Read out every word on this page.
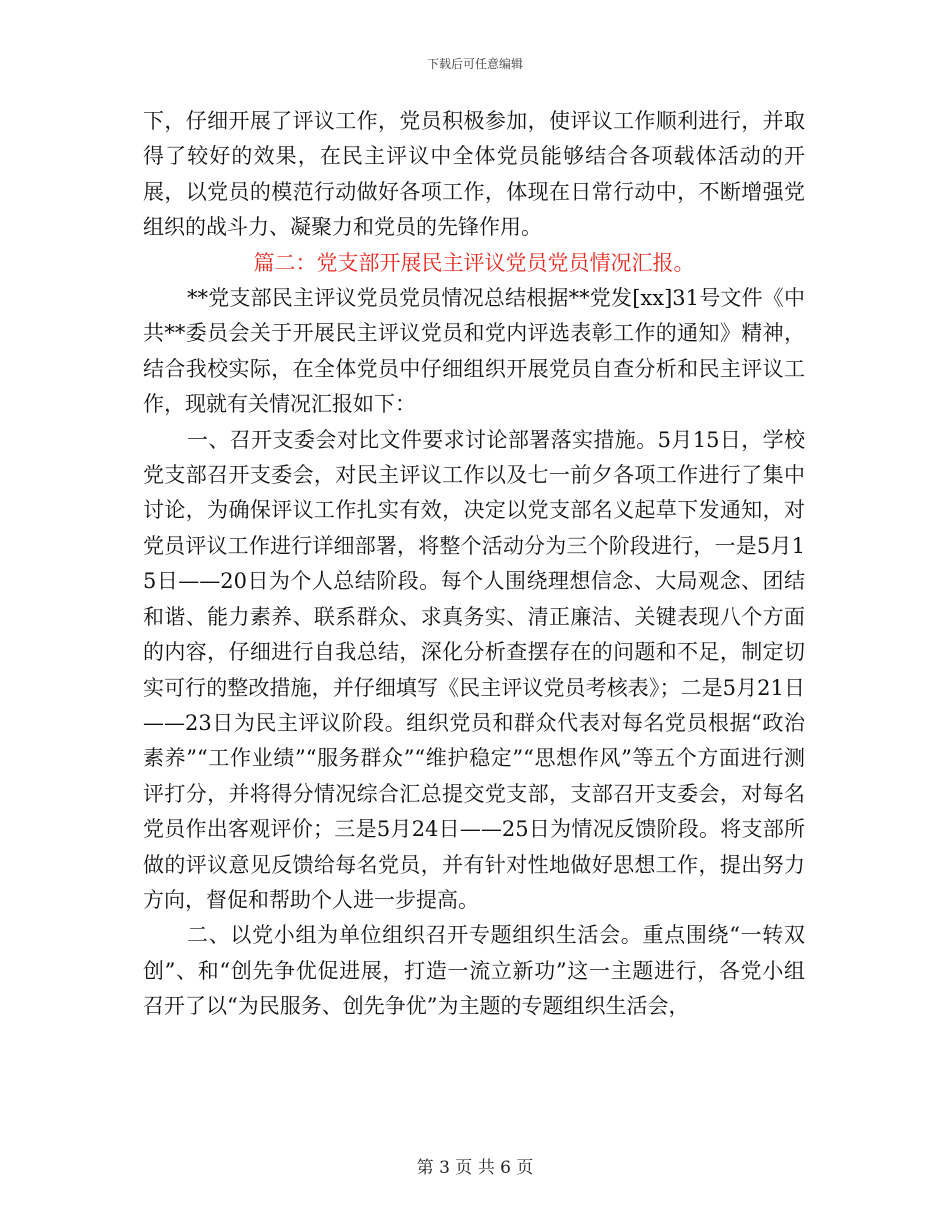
下载后可任意编辑

下，仔细开展了评议工作，党员积极参加，使评议工作顺利进行，并取得了较好的效果，在民主评议中全体党员能够结合各项载体活动的开展，以党员的模范行动做好各项工作，体现在日常行动中，不断增强党组织的战斗力、凝聚力和党员的先锋作用。

篇二：党支部开展民主评议党员党员情况汇报。

**党支部民主评议党员党员情况总结根据**党发[xx]31号文件《中共**委员会关于开展民主评议党员和党内评选表彰工作的通知》精神，结合我校实际，在全体党员中仔细组织开展党员自查分析和民主评议工作，现就有关情况汇报如下：

一、召开支委会对比文件要求讨论部署落实措施。5月15日，学校党支部召开支委会，对民主评议工作以及七一前夕各项工作进行了集中讨论，为确保评议工作扎实有效，决定以党支部名义起草下发通知，对党员评议工作进行详细部署，将整个活动分为三个阶段进行，一是5月15日——20日为个人总结阶段。每个人围绕理想信念、大局观念、团结和谐、能力素养、联系群众、求真务实、清正廉洁、关键表现八个方面的内容，仔细进行自我总结，深化分析查摆存在的问题和不足，制定切实可行的整改措施，并仔细填写《民主评议党员考核表》；二是5月21日——23日为民主评议阶段。组织党员和群众代表对每名党员根据“政治素养”“工作业绩”“服务群众”“维护稳定”“思想作风”等五个方面进行测评打分，并将得分情况综合汇总提交党支部，支部召开支委会，对每名党员作出客观评价；三是5月24日——25日为情况反馈阶段。将支部所做的评议意见反馈给每名党员，并有针对性地做好思想工作，提出努力方向，督促和帮助个人进一步提高。

二、以党小组为单位组织召开专题组织生活会。重点围绕“一转双创”、和“创先争优促进展，打造一流立新功”这一主题进行，各党小组召开了以“为民服务、创先争优”为主题的专题组织生活会，

第 3 页 共 6 页
